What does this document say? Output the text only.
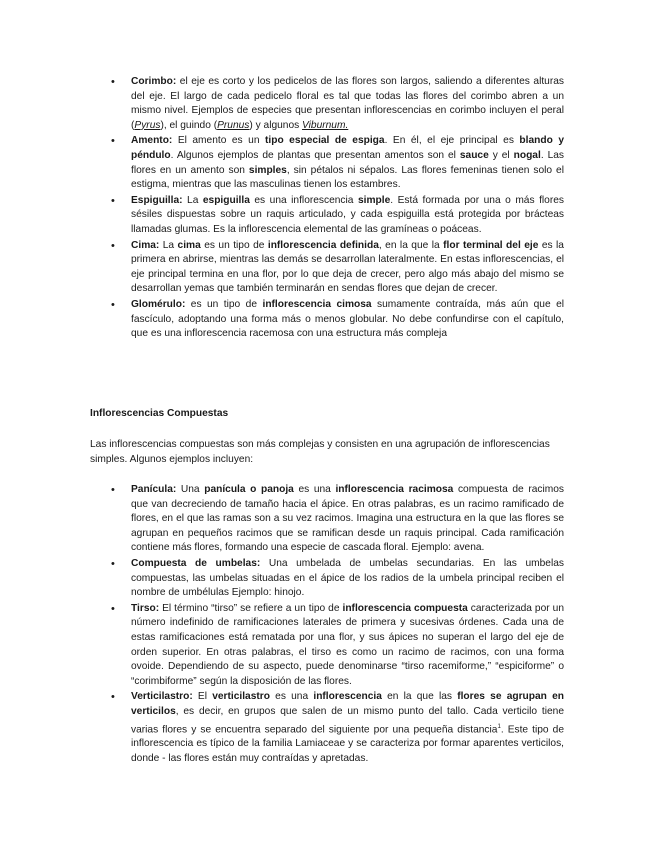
• Corimbo: el eje es corto y los pedicelos de las flores son largos, saliendo a diferentes alturas del eje. El largo de cada pedicelo floral es tal que todas las flores del corimbo abren a un mismo nivel. Ejemplos de especies que presentan inflorescencias en corimbo incluyen el peral (Pyrus), el guindo (Prunus) y algunos Viburnum.
• Amento: El amento es un tipo especial de espiga. En él, el eje principal es blando y péndulo. Algunos ejemplos de plantas que presentan amentos son el sauce y el nogal. Las flores en un amento son simples, sin pétalos ni sépalos. Las flores femeninas tienen solo el estigma, mientras que las masculinas tienen los estambres.
• Espiguilla: La espiguilla es una inflorescencia simple. Está formada por una o más flores sésiles dispuestas sobre un raquis articulado, y cada espiguilla está protegida por brácteas llamadas glumas. Es la inflorescencia elemental de las gramíneas o poáceas.
• Cima: La cima es un tipo de inflorescencia definida, en la que la flor terminal del eje es la primera en abrirse, mientras las demás se desarrollan lateralmente. En estas inflorescencias, el eje principal termina en una flor, por lo que deja de crecer, pero algo más abajo del mismo se desarrollan yemas que también terminarán en sendas flores que dejan de crecer.
• Glomérulo: es un tipo de inflorescencia cimosa sumamente contraída, más aún que el fascículo, adoptando una forma más o menos globular. No debe confundirse con el capítulo, que es una inflorescencia racemosa con una estructura más compleja
Inflorescencias Compuestas
Las inflorescencias compuestas son más complejas y consisten en una agrupación de inflorescencias simples. Algunos ejemplos incluyen:
• Panícula: Una panícula o panoja es una inflorescencia racimosa compuesta de racimos que van decreciendo de tamaño hacia el ápice. En otras palabras, es un racimo ramificado de flores, en el que las ramas son a su vez racimos. Imagina una estructura en la que las flores se agrupan en pequeños racimos que se ramifican desde un raquis principal. Cada ramificación contiene más flores, formando una especie de cascada floral. Ejemplo: avena.
• Compuesta de umbelas: Una umbelada de umbelas secundarias. En las umbelas compuestas, las umbelas situadas en el ápice de los radios de la umbela principal reciben el nombre de umbélulas Ejemplo: hinojo.
• Tirso: El término “tirso” se refiere a un tipo de inflorescencia compuesta caracterizada por un número indefinido de ramificaciones laterales de primera y sucesivas órdenes. Cada una de estas ramificaciones está rematada por una flor, y sus ápices no superan el largo del eje de orden superior. En otras palabras, el tirso es como un racimo de racimos, con una forma ovoide. Dependiendo de su aspecto, puede denominarse “tirso racemiforme,” “espiciforme” o “corimbiforme” según la disposición de las flores.
• Verticilastro: El verticilastro es una inflorescencia en la que las flores se agrupan en verticilos, es decir, en grupos que salen de un mismo punto del tallo. Cada verticilo tiene varias flores y se encuentra separado del siguiente por una pequeña distancia$^1$. Este tipo de inflorescencia es típico de la familia Lamiaceae y se caracteriza por formar aparentes verticilos, donde - las flores están muy contraídas y apretadas.
